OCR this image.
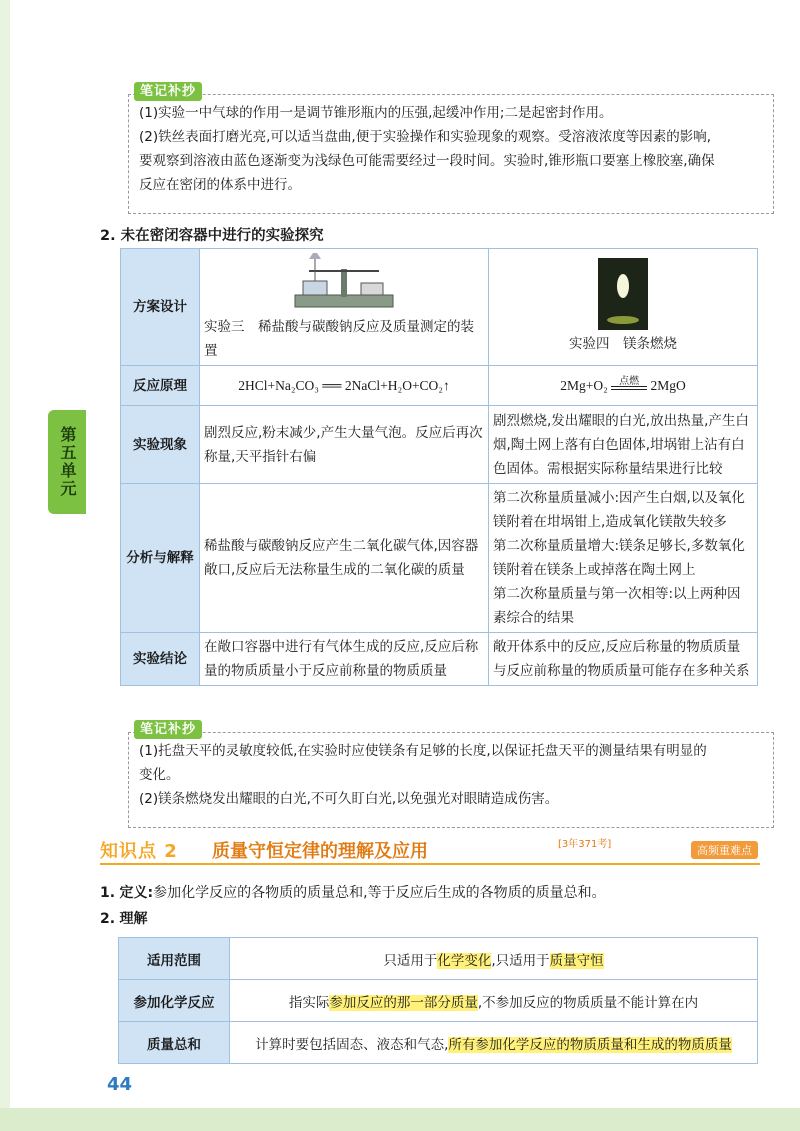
第五单元

(1)实验一中气球的作用一是调节锥形瓶内的压强,起缓冲作用;二是起密封作用。

(2)铁丝表面打磨光亮,可以适当盘曲,便于实验操作和实验现象的观察。受溶液浓度等因素的影响,

要观察到溶液由蓝色逐渐变为浅绿色可能需要经过一段时间。实验时,锥形瓶口要塞上橡胶塞,确保

反应在密闭的体系中进行。

笔记补抄
2. 未在密闭容器中进行的实验探究
方案设计	实验三　稀盐酸与碳酸钠反应及质量测定的装置	实验四　镁条燃烧

反应原理	2HCl+Na₂CO₃ ══ 2NaCl+H₂O+CO₂↑	2Mg+O₂ 点燃 2MgO
实验现象	剧烈反应,粉末减少,产生大量气泡。反应后再次称量,天平指针右偏	剧烈燃烧,发出耀眼的白光,放出热量,产生白烟,陶土网上落有白色固体,坩埚钳上沾有白色固体。需根据实际称量结果进行比较
分析与解释	稀盐酸与碳酸钠反应产生二氧化碳气体,因容器敞口,反应后无法称量生成的二氧化碳的质量	第二次称量质量减小:因产生白烟,以及氧化镁附着在坩埚钳上,造成氧化镁散失较多
第二次称量质量增大:镁条足够长,多数氧化镁附着在镁条上或掉落在陶土网上
第二次称量质量与第一次相等:以上两种因素综合的结果

实验结论	在敞口容器中进行有气体生成的反应,反应后称量的物质质量小于反应前称量的物质质量	敞开体系中的反应,反应后称量的物质质量与反应前称量的物质质量可能存在多种关系

(1)托盘天平的灵敏度较低,在实验时应使镁条有足够的长度,以保证托盘天平的测量结果有明显的

变化。

(2)镁条燃烧发出耀眼的白光,不可久盯白光,以免强光对眼睛造成伤害。

笔记补抄
知识点 2 质量守恒定律的理解及应用	[3年371考]	高频重难点
1. 定义:参加化学反应的各物质的质量总和,等于反应后生成的各物质的质量总和。
2. 理解
适用范围	只适用于化学变化,只适用于质量守恒
参加化学反应	指实际参加反应的那一部分质量,不参加反应的物质质量不能计算在内
质量总和	计算时要包括固态、液态和气态,所有参加化学反应的物质质量和生成的物质质量
44
